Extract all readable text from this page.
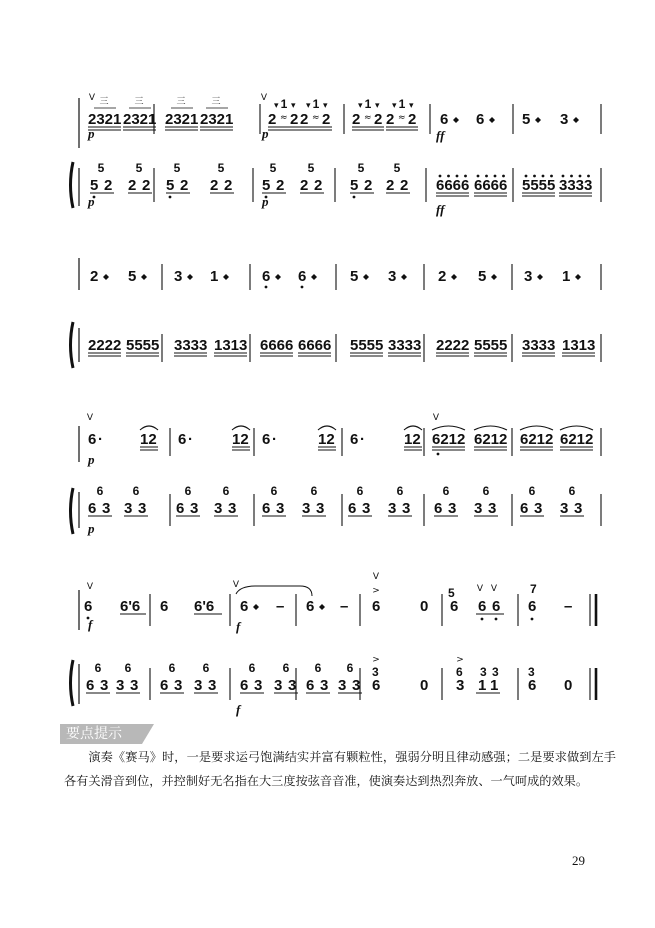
2321
三
2321
三
2321
三
2321
三
2 ≈ 2
1
▾ ▾
2 ≈ 2
1
▾ ▾
2 ≈ 2
1
▾ ▾
2 ≈ 2
1
▾ ▾
V	V
6 6	5 3
p	p	ff
5 2
5
2 2
5
5 2
5
2 2
5
5 2
5
2 2
5
5 2
5
2 2
5
6666 6666 5555 3333
p	p
ff
2 5	3 1	6 6	5 3	2 5	3 1
2222 5555 3333 1313 6666 6666 5555 3333 2222 5555 3333 1313
6 · 12 6 ·	12 6 ·	12 6 ·	12
V
6212 6212 6212 6212
V
p
6 3
6
3 3
6
6 3
6
3 3
6
6 3
6
3 3
6
6 3
6
3 3
6
6 3
6
3 3
6
6 3
6
3 3
6
p
6 6'6 6 6'6
V
6 –
V
6 – 6	0
>
V
6
5
6 6
V V
6
7
–
f	f
6 3
6
3 3
6
6 3
6
3 3
6
6 3
6
3 3
6
6 3
6
3 3
6
6
3
>
0 3
6
>
1 1
3 3
6
3
0
f
要点提示
演奏《赛马》时，一是要求运弓饱满结实并富有颗粒性，强弱分明且律动感强；二是要求做到左手各有关滑音到位，并控制好无名指在大三度按弦音音准，使演奏达到热烈奔放、一气呵成的效果。
29
